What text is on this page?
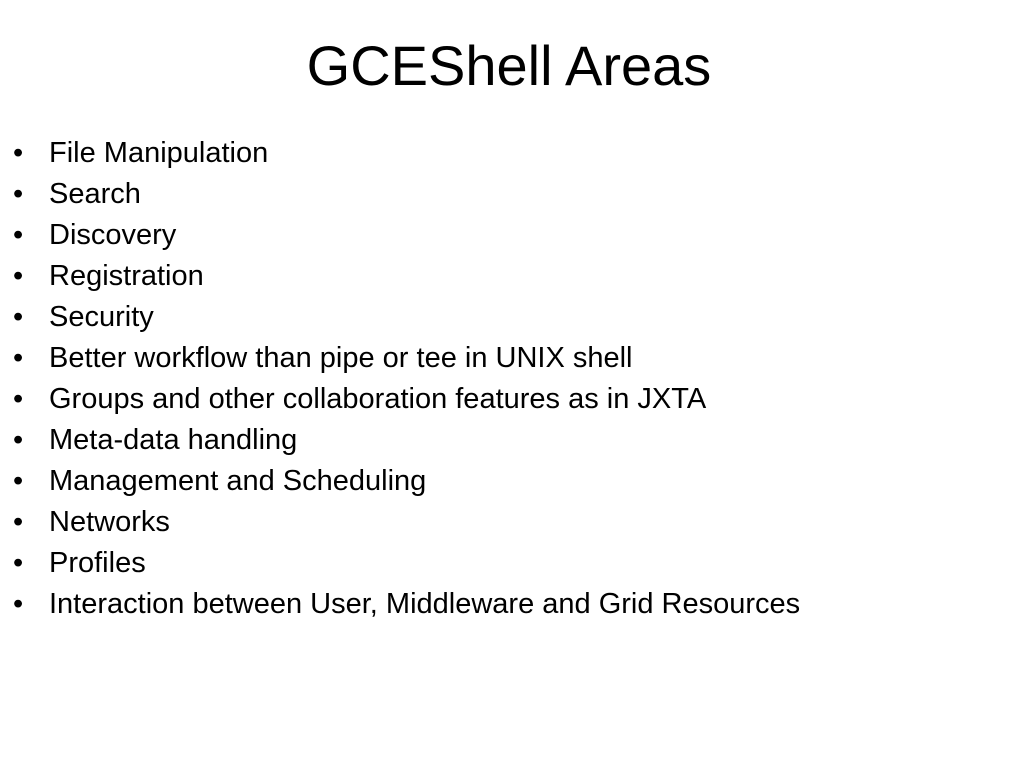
GCEShell Areas
• File Manipulation
• Search
• Discovery
• Registration
• Security
• Better workflow than pipe or tee in UNIX shell
• Groups and other collaboration features as in JXTA
• Meta-data handling
• Management and Scheduling
• Networks
• Profiles
• Interaction between User, Middleware and Grid Resources
